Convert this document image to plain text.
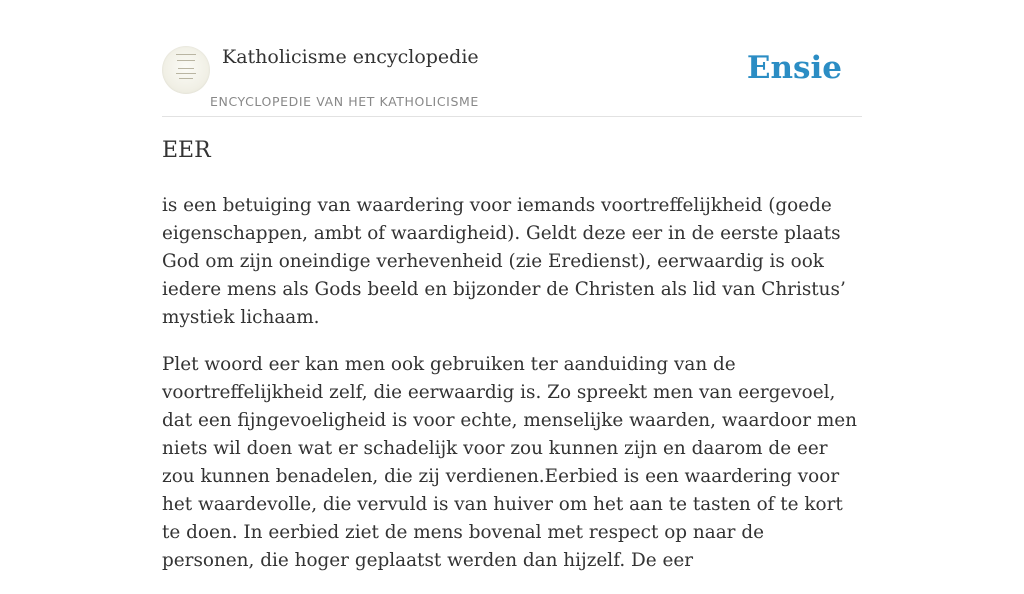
Katholicisme encyclopedie
ENCYCLOPEDIE VAN HET KATHOLICISME
Ensie
EER

is een betuiging van waardering voor iemands voortreffelijkheid (goede eigenschappen, ambt of waardigheid). Geldt deze eer in de eerste plaats God om zijn oneindige verhevenheid (zie Eredienst), eerwaardig is ook iedere mens als Gods beeld en bijzonder de Christen als lid van Christus’ mystiek lichaam.

Plet woord eer kan men ook gebruiken ter aanduiding van de voortreffelijkheid zelf, die eerwaardig is. Zo spreekt men van eergevoel, dat een fijngevoeligheid is voor echte, menselijke waarden, waardoor men niets wil doen wat er schadelijk voor zou kunnen zijn en daarom de eer zou kunnen benadelen, die zij verdienen.Eerbied is een waardering voor het waardevolle, die vervuld is van huiver om het aan te tasten of te kort te doen. In eerbied ziet de mens bovenal met respect op naar de personen, die hoger geplaatst werden dan hijzelf. De eer
